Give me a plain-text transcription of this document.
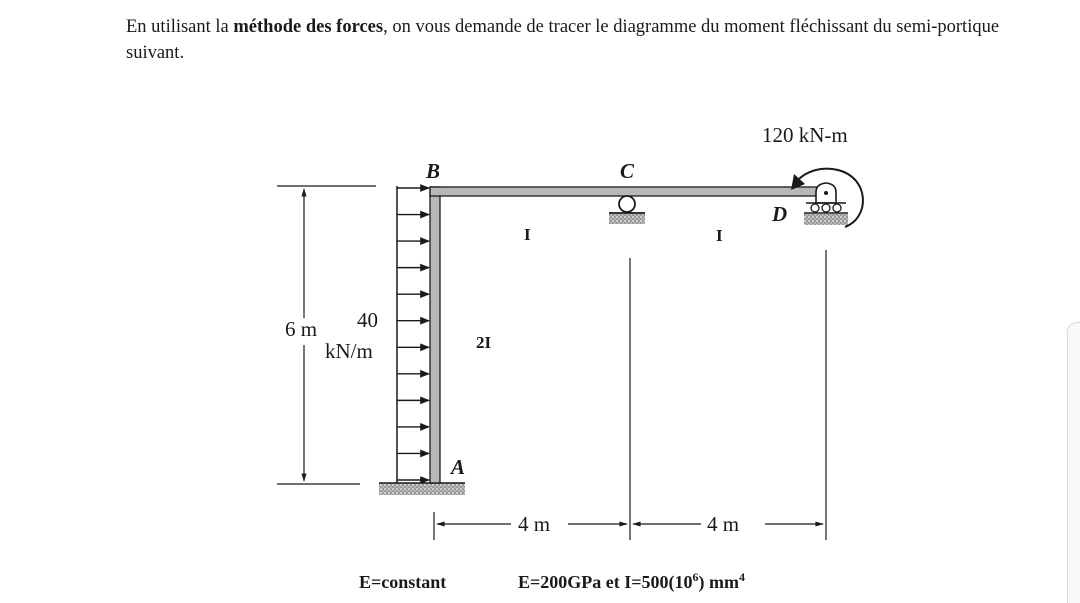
En utilisant la méthode des forces, on vous demande de tracer le diagramme du moment fléchissant du semi-portique suivant.
B	C
D
A
120 kN-m
I	I
2I
6 m 40
kN/m
4 m	4 m
E=constant	E=200GPa et $I=500(10^6)$ $mm^4$
